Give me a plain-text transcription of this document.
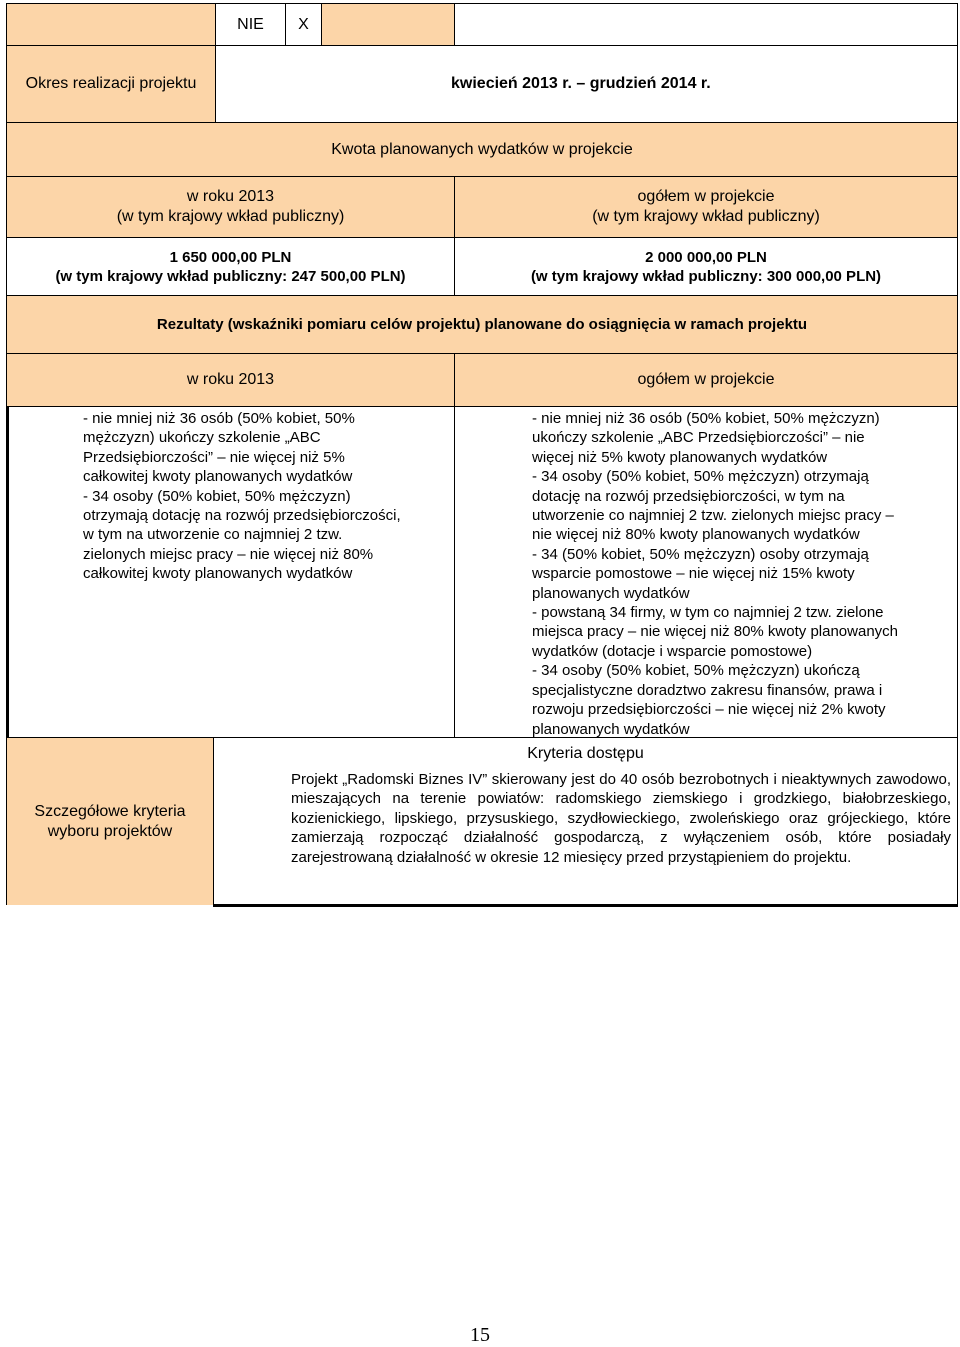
NIE X
Okres realizacji projektu	kwiecień 2013 r. – grudzień 2014 r.
Kwota planowanych wydatków w projekcie
w roku 2013
(w tym krajowy wkład publiczny)
ogółem w projekcie
(w tym krajowy wkład publiczny)
1 650 000,00 PLN
(w tym krajowy wkład publiczny: 247 500,00 PLN)
2 000 000,00 PLN
(w tym krajowy wkład publiczny: 300 000,00 PLN)
Rezultaty (wskaźniki pomiaru celów projektu) planowane do osiągnięcia w ramach projektu
w roku 2013	ogółem w projekcie
- nie mniej niż 36 osób (50% kobiet, 50%
mężczyzn) ukończy szkolenie „ABC
Przedsiębiorczości” – nie więcej niż 5%
całkowitej kwoty planowanych wydatków
- 34 osoby (50% kobiet, 50% mężczyzn)
otrzymają dotację na rozwój przedsiębiorczości,
w tym na utworzenie co najmniej 2 tzw.
zielonych miejsc pracy – nie więcej niż 80%
całkowitej kwoty planowanych wydatków
- nie mniej niż 36 osób (50% kobiet, 50% mężczyzn)
ukończy szkolenie „ABC Przedsiębiorczości” – nie
więcej niż 5% kwoty planowanych wydatków
- 34 osoby (50% kobiet, 50% mężczyzn) otrzymają
dotację na rozwój przedsiębiorczości, w tym na
utworzenie co najmniej 2 tzw. zielonych miejsc pracy –
nie więcej niż 80% kwoty planowanych wydatków
- 34 (50% kobiet, 50% mężczyzn) osoby otrzymają
wsparcie pomostowe – nie więcej niż 15% kwoty
planowanych wydatków
- powstaną 34 firmy, w tym co najmniej 2 tzw. zielone
miejsca pracy – nie więcej niż 80% kwoty planowanych
wydatków (dotacje i wsparcie pomostowe)
- 34 osoby (50% kobiet, 50% mężczyzn) ukończą
specjalistyczne doradztwo zakresu finansów, prawa i
rozwoju przedsiębiorczości – nie więcej niż 2% kwoty
planowanych wydatków
Szczegółowe kryteria
wyboru projektów
Kryteria dostępu
Projekt „Radomski Biznes IV” skierowany jest do 40 osób bezrobotnych i nieaktywnych zawodowo, mieszających na terenie powiatów: radomskiego ziemskiego i grodzkiego, białobrzeskiego, kozienickiego, lipskiego, przysuskiego, szydłowieckiego, zwoleńskiego oraz grójeckiego, które zamierzają rozpocząć działalność gospodarczą, z wyłączeniem osób, które posiadały zarejestrowaną działalność w okresie 12 miesięcy przed przystąpieniem do projektu.
15
